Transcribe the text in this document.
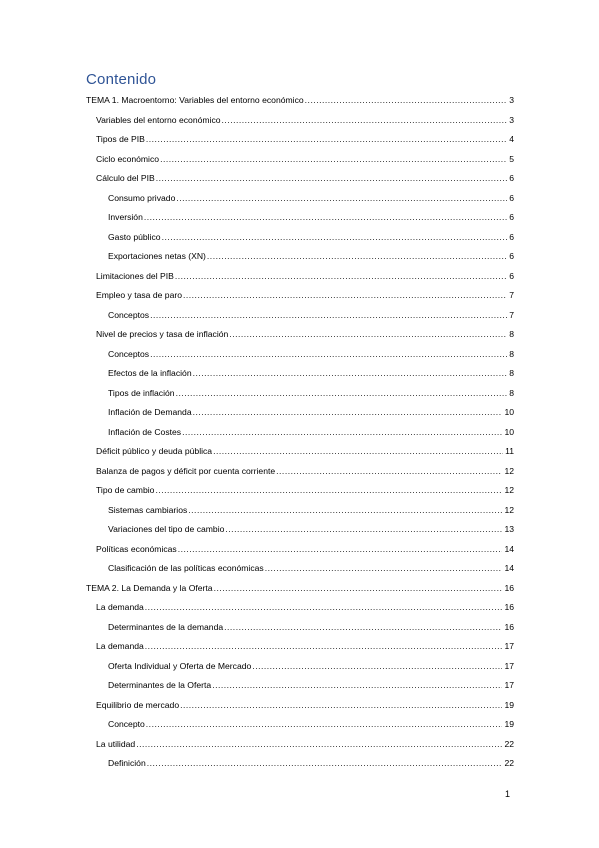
Contenido
TEMA 1. Macroentorno: Variables del entorno económico .....	3
Variables del entorno económico .....	3
Tipos de PIB .....	4
Ciclo económico .....	5
Cálculo del PIB .....	6
Consumo privado .....	6
Inversión .....	6
Gasto público .....	6
Exportaciones netas (XN) .....	6
Limitaciones del PIB .....	6
Empleo y tasa de paro .....	7
Conceptos .....	7
Nivel de precios y tasa de inflación .....	8
Conceptos .....	8
Efectos de la inflación .....	8
Tipos de inflación .....	8
Inflación de Demanda .....	10
Inflación de Costes .....	10
Déficit público y deuda pública .....	11
Balanza de pagos y déficit por cuenta corriente .....	12
Tipo de cambio .....	12
Sistemas cambiarios .....	12
Variaciones del tipo de cambio .....	13
Políticas económicas .....	14
Clasificación de las políticas económicas .....	14
TEMA 2. La Demanda y la Oferta .....	16
La demanda .....	16
Determinantes de la demanda .....	16
La demanda .....	17
Oferta Individual y Oferta de Mercado .....	17
Determinantes de la Oferta .....	17
Equilibrio de mercado .....	19
Concepto .....	19
La utilidad .....	22
Definición .....	22
1
